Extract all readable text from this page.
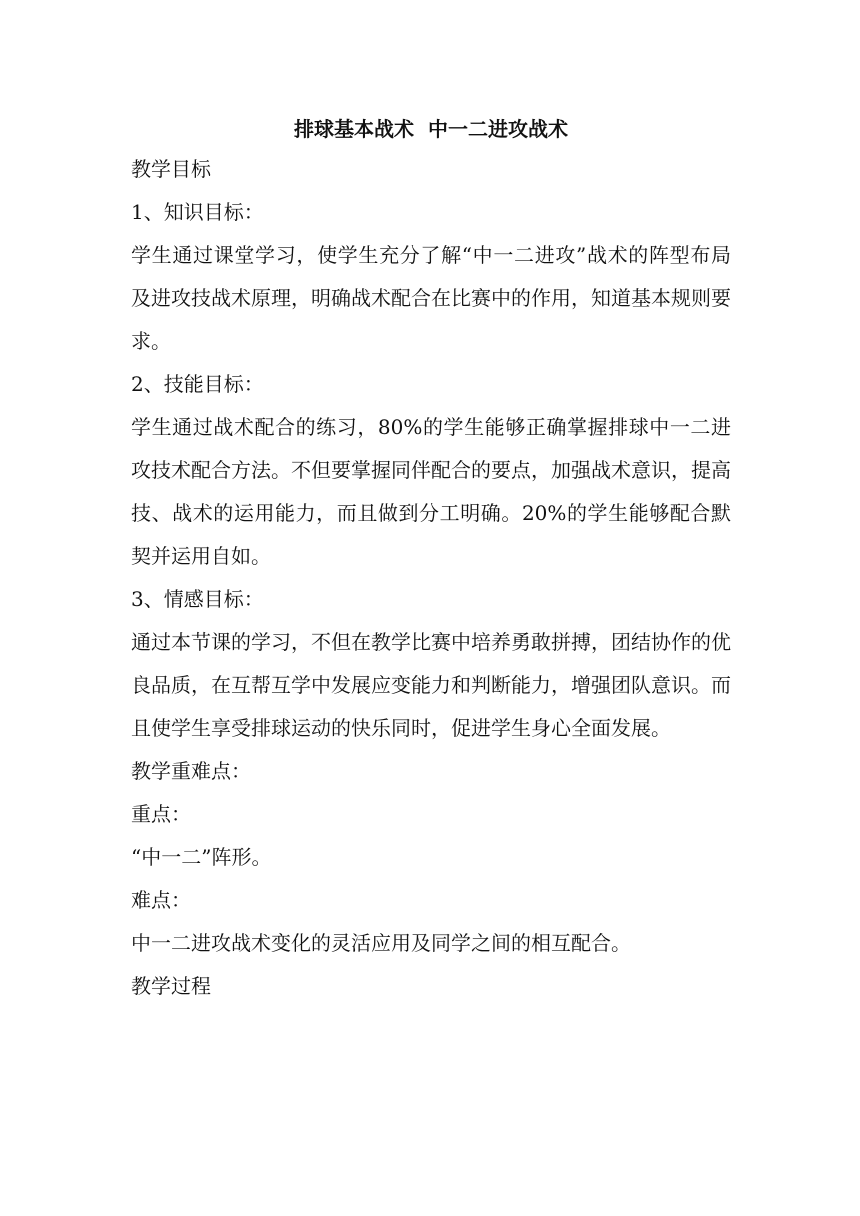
排球基本战术  中一二进攻战术
教学目标
1、知识目标：
学生通过课堂学习，使学生充分了解“中一二进攻”战术的阵型布局及进攻技战术原理，明确战术配合在比赛中的作用，知道基本规则要求。
2、技能目标：
学生通过战术配合的练习，80%的学生能够正确掌握排球中一二进攻技术配合方法。不但要掌握同伴配合的要点，加强战术意识，提高技、战术的运用能力，而且做到分工明确。20%的学生能够配合默契并运用自如。
3、情感目标：
通过本节课的学习，不但在教学比赛中培养勇敢拼搏，团结协作的优良品质，在互帮互学中发展应变能力和判断能力，增强团队意识。而且使学生享受排球运动的快乐同时，促进学生身心全面发展。
教学重难点：
重点：
“中一二”阵形。
难点：
中一二进攻战术变化的灵活应用及同学之间的相互配合。
教学过程
